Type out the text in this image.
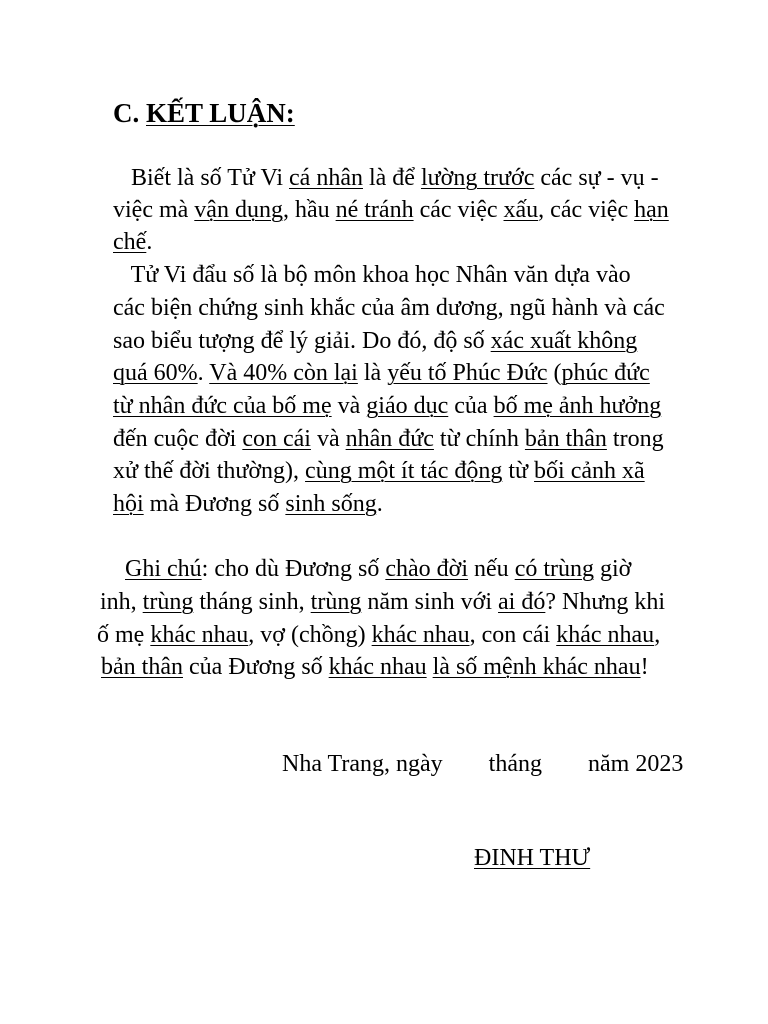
C. KẾT LUẬN:
Biết là số Tử Vi cá nhân là để lường trước các sự - vụ -
việc mà vận dụng, hầu né tránh các việc xấu, các việc hạn
chế.
Tử Vi đẩu số là bộ môn khoa học Nhân văn dựa vào
các biện chứng sinh khắc của âm dương, ngũ hành và các
sao biểu tượng để lý giải. Do đó, độ số xác xuất không
quá 60%. Và 40% còn lại là yếu tố Phúc Đức (phúc đức
từ nhân đức của bố mẹ và giáo dục của bố mẹ ảnh hưởng
đến cuộc đời con cái và nhân đức từ chính bản thân trong
xử thế đời thường), cùng một ít tác động từ bối cảnh xã
hội mà Đương số sinh sống.
Ghi chú: cho dù Đương số chào đời nếu có trùng giờ
inh, trùng tháng sinh, trùng năm sinh với ai đó? Nhưng khi
ố mẹ khác nhau, vợ (chồng) khác nhau, con cái khác nhau,
bản thân của Đương số khác nhau là số mệnh khác nhau!
Nha Trang, ngày tháng năm 2023
ĐINH THƯ
